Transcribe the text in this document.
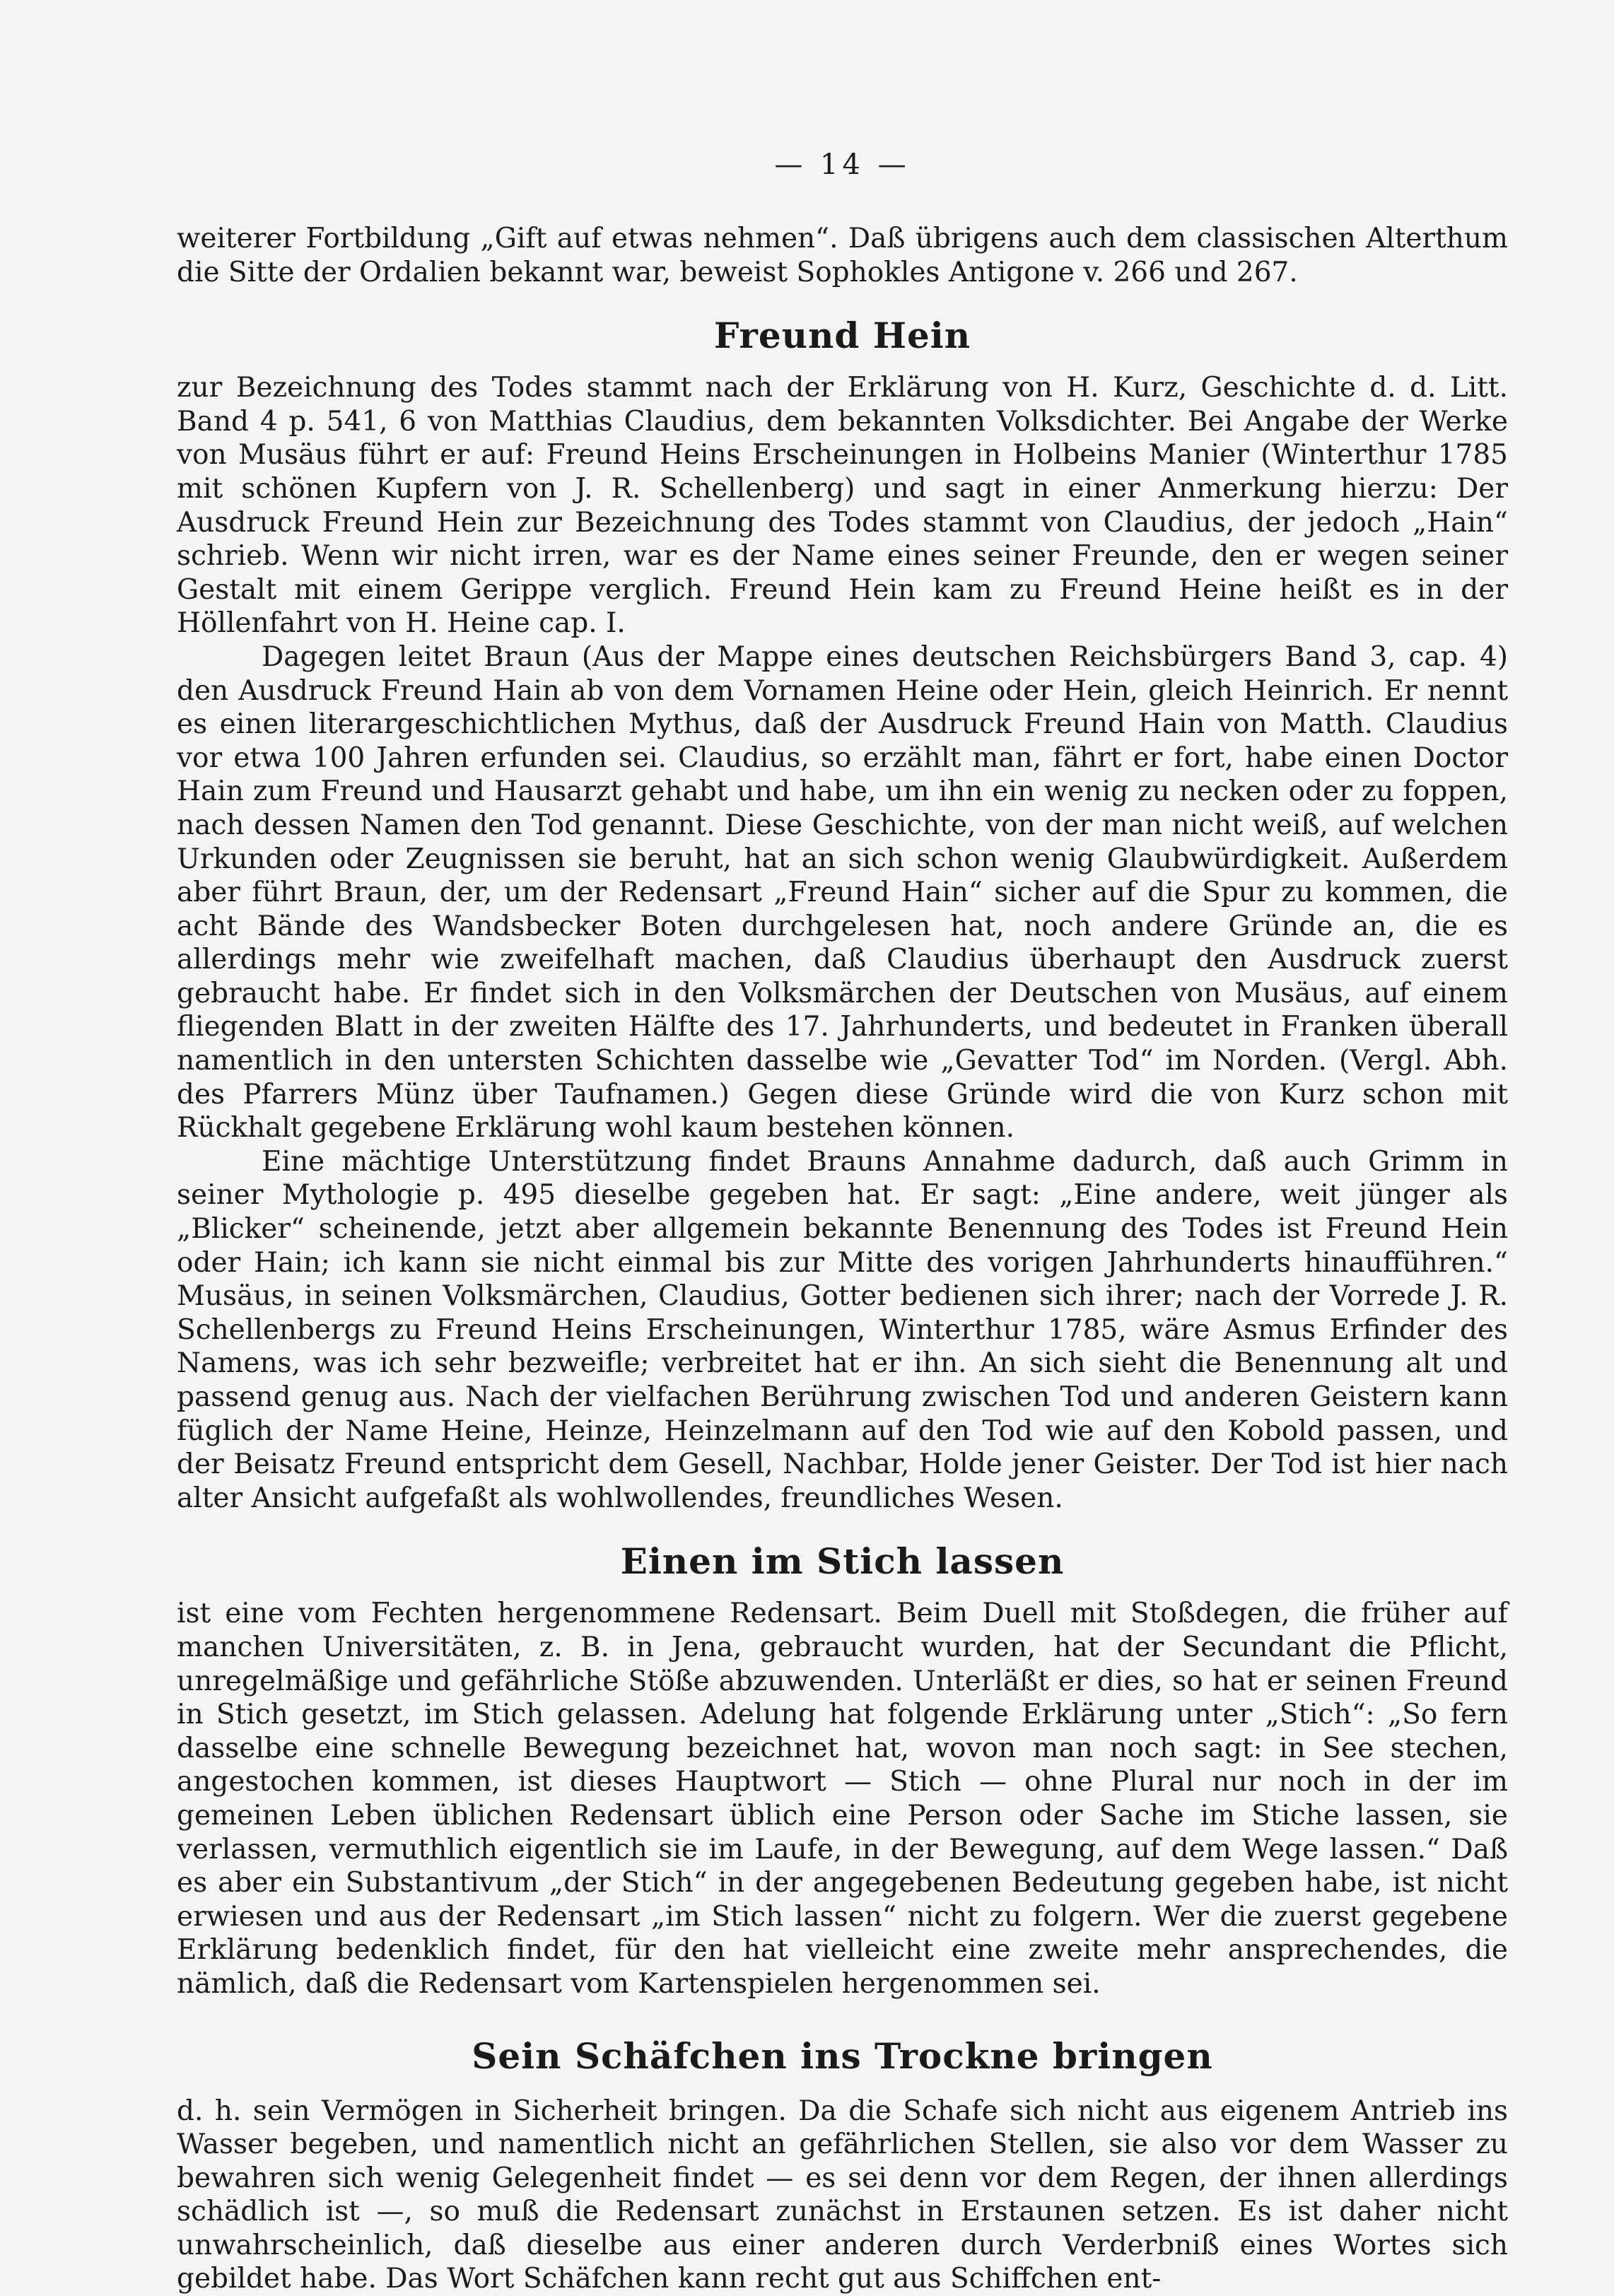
— 14 —

weiterer Fortbildung „Gift auf etwas nehmen“. Daß übrigens auch dem classischen Alterthum die Sitte der Ordalien bekannt war, beweist Sophokles Antigone v. 266 und 267.

Freund Hein

zur Bezeichnung des Todes stammt nach der Erklärung von H. Kurz, Geschichte d. d. Litt. Band 4 p. 541, 6 von Matthias Claudius, dem bekannten Volksdichter. Bei Angabe der Werke von Musäus führt er auf: Freund Heins Erscheinungen in Holbeins Manier (Winterthur 1785 mit schönen Kupfern von J. R. Schellenberg) und sagt in einer Anmerkung hierzu: Der Ausdruck Freund Hein zur Bezeichnung des Todes stammt von Claudius, der jedoch „Hain“ schrieb. Wenn wir nicht irren, war es der Name eines seiner Freunde, den er wegen seiner Gestalt mit einem Gerippe verglich. Freund Hein kam zu Freund Heine heißt es in der Höllenfahrt von H. Heine cap. I.

Dagegen leitet Braun (Aus der Mappe eines deutschen Reichsbürgers Band 3, cap. 4) den Ausdruck Freund Hain ab von dem Vornamen Heine oder Hein, gleich Heinrich. Er nennt es einen literargeschichtlichen Mythus, daß der Ausdruck Freund Hain von Matth. Claudius vor etwa 100 Jahren erfunden sei. Claudius, so erzählt man, fährt er fort, habe einen Doctor Hain zum Freund und Hausarzt gehabt und habe, um ihn ein wenig zu necken oder zu foppen, nach dessen Namen den Tod genannt. Diese Geschichte, von der man nicht weiß, auf welchen Urkunden oder Zeugnissen sie beruht, hat an sich schon wenig Glaubwürdigkeit. Außerdem aber führt Braun, der, um der Redensart „Freund Hain“ sicher auf die Spur zu kommen, die acht Bände des Wandsbecker Boten durchgelesen hat, noch andere Gründe an, die es allerdings mehr wie zweifelhaft machen, daß Claudius überhaupt den Ausdruck zuerst gebraucht habe. Er findet sich in den Volksmärchen der Deutschen von Musäus, auf einem fliegenden Blatt in der zweiten Hälfte des 17. Jahrhunderts, und bedeutet in Franken überall namentlich in den untersten Schichten dasselbe wie „Gevatter Tod“ im Norden. (Vergl. Abh. des Pfarrers Münz über Taufnamen.) Gegen diese Gründe wird die von Kurz schon mit Rückhalt gegebene Erklärung wohl kaum bestehen können.

Eine mächtige Unterstützung findet Brauns Annahme dadurch, daß auch Grimm in seiner Mythologie p. 495 dieselbe gegeben hat. Er sagt: „Eine andere, weit jünger als „Blicker“ scheinende, jetzt aber allgemein bekannte Benennung des Todes ist Freund Hein oder Hain; ich kann sie nicht einmal bis zur Mitte des vorigen Jahrhunderts hinaufführen.“ Musäus, in seinen Volksmärchen, Claudius, Gotter bedienen sich ihrer; nach der Vorrede J. R. Schellenbergs zu Freund Heins Erscheinungen, Winterthur 1785, wäre Asmus Erfinder des Namens, was ich sehr bezweifle; verbreitet hat er ihn. An sich sieht die Benennung alt und passend genug aus. Nach der vielfachen Berührung zwischen Tod und anderen Geistern kann füglich der Name Heine, Heinze, Heinzelmann auf den Tod wie auf den Kobold passen, und der Beisatz Freund entspricht dem Gesell, Nachbar, Holde jener Geister. Der Tod ist hier nach alter Ansicht aufgefaßt als wohlwollendes, freundliches Wesen.

Einen im Stich lassen

ist eine vom Fechten hergenommene Redensart. Beim Duell mit Stoßdegen, die früher auf manchen Universitäten, z. B. in Jena, gebraucht wurden, hat der Secundant die Pflicht, unregelmäßige und gefährliche Stöße abzuwenden. Unterläßt er dies, so hat er seinen Freund in Stich gesetzt, im Stich gelassen. Adelung hat folgende Erklärung unter „Stich“: „So fern dasselbe eine schnelle Bewegung bezeichnet hat, wovon man noch sagt: in See stechen, angestochen kommen, ist dieses Hauptwort — Stich — ohne Plural nur noch in der im gemeinen Leben üblichen Redensart üblich eine Person oder Sache im Stiche lassen, sie verlassen, vermuthlich eigentlich sie im Laufe, in der Bewegung, auf dem Wege lassen.“ Daß es aber ein Substantivum „der Stich“ in der angegebenen Bedeutung gegeben habe, ist nicht erwiesen und aus der Redensart „im Stich lassen“ nicht zu folgern. Wer die zuerst gegebene Erklärung bedenklich findet, für den hat vielleicht eine zweite mehr ansprechendes, die nämlich, daß die Redensart vom Kartenspielen hergenommen sei.

Sein Schäfchen ins Trockne bringen

d. h. sein Vermögen in Sicherheit bringen. Da die Schafe sich nicht aus eigenem Antrieb ins Wasser begeben, und namentlich nicht an gefährlichen Stellen, sie also vor dem Wasser zu bewahren sich wenig Gelegenheit findet — es sei denn vor dem Regen, der ihnen allerdings schädlich ist —, so muß die Redensart zunächst in Erstaunen setzen. Es ist daher nicht unwahrscheinlich, daß dieselbe aus einer anderen durch Verderbniß eines Wortes sich gebildet habe. Das Wort Schäfchen kann recht gut aus Schiffchen ent-
